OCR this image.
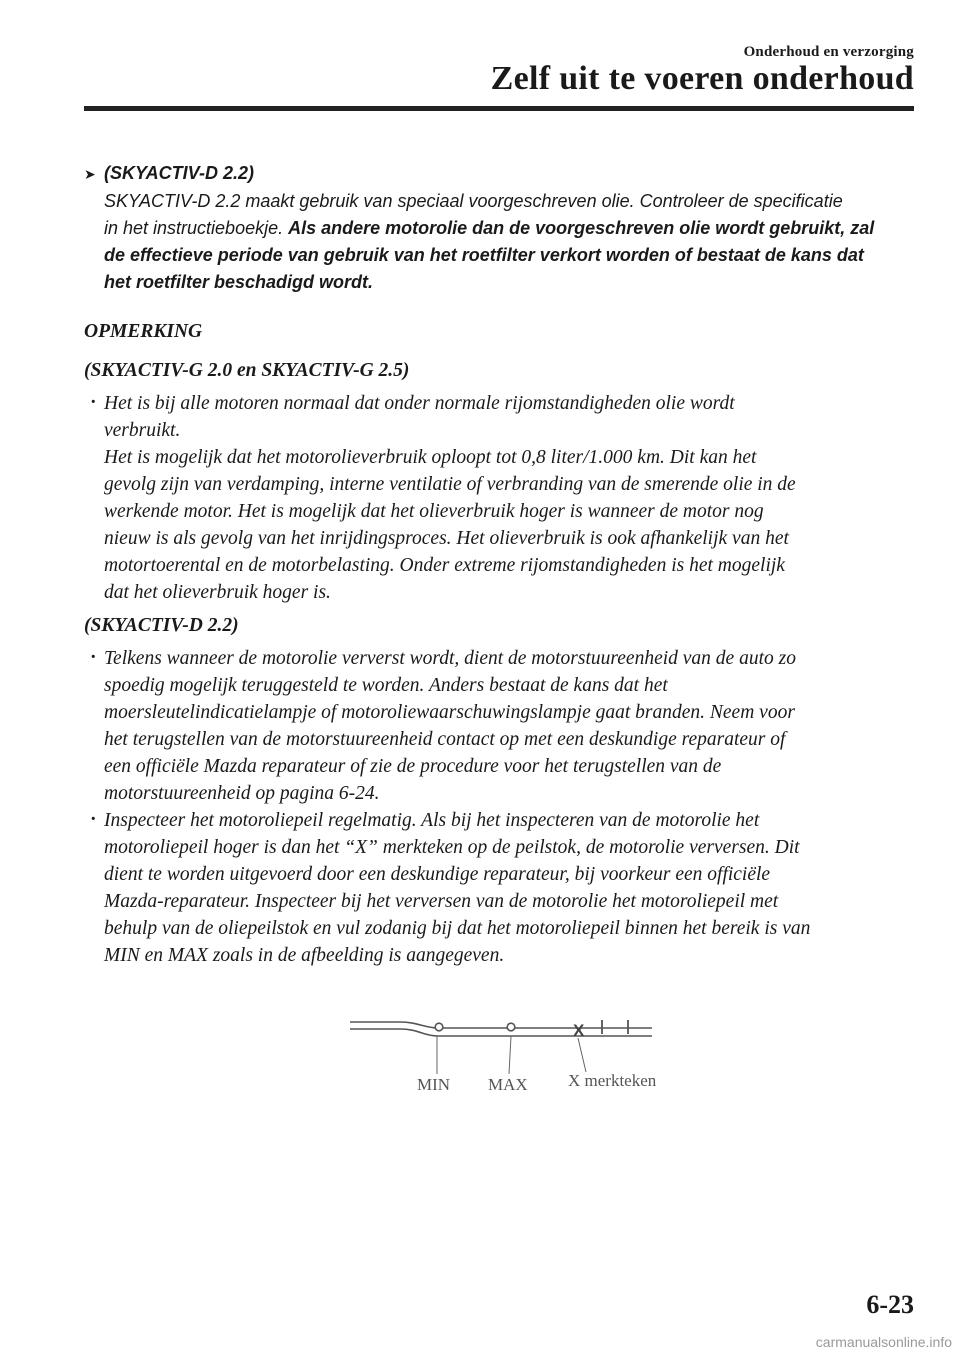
Onderhoud en verzorging
Zelf uit te voeren onderhoud
➤ (SKYACTIV-D 2.2)
SKYACTIV-D 2.2 maakt gebruik van speciaal voorgeschreven olie. Controleer de specificatie
in het instructieboekje. Als andere motorolie dan de voorgeschreven olie wordt gebruikt, zal
de effectieve periode van gebruik van het roetfilter verkort worden of bestaat de kans dat
het roetfilter beschadigd wordt.
OPMERKING
(SKYACTIV-G 2.0 en SKYACTIV-G 2.5)

· Het is bij alle motoren normaal dat onder normale rijomstandigheden olie wordt

verbruikt.

Het is mogelijk dat het motorolieverbruik oploopt tot 0,8 liter/1.000 km. Dit kan het

gevolg zijn van verdamping, interne ventilatie of verbranding van de smerende olie in de

werkende motor. Het is mogelijk dat het olieverbruik hoger is wanneer de motor nog

nieuw is als gevolg van het inrijdingsproces. Het olieverbruik is ook afhankelijk van het

motortoerental en de motorbelasting. Onder extreme rijomstandigheden is het mogelijk

dat het olieverbruik hoger is.

(SKYACTIV-D 2.2)

· Telkens wanneer de motorolie ververst wordt, dient de motorstuureenheid van de auto zo

spoedig mogelijk teruggesteld te worden. Anders bestaat de kans dat het

moersleutelindicatielampje of motoroliewaarschuwingslampje gaat branden. Neem voor

het terugstellen van de motorstuureenheid contact op met een deskundige reparateur of

een officiële Mazda reparateur of zie de procedure voor het terugstellen van de

motorstuureenheid op pagina 6-24.

· Inspecteer het motoroliepeil regelmatig. Als bij het inspecteren van de motorolie het

motoroliepeil hoger is dan het “X” merkteken op de peilstok, de motorolie verversen. Dit

dient te worden uitgevoerd door een deskundige reparateur, bij voorkeur een officiële

Mazda-reparateur. Inspecteer bij het verversen van de motorolie het motoroliepeil met

behulp van de oliepeilstok en vul zodanig bij dat het motoroliepeil binnen het bereik is van

MIN en MAX zoals in de afbeelding is aangegeven.

X
MIN MAX X merkteken
6-23
carmanualsonline.info
